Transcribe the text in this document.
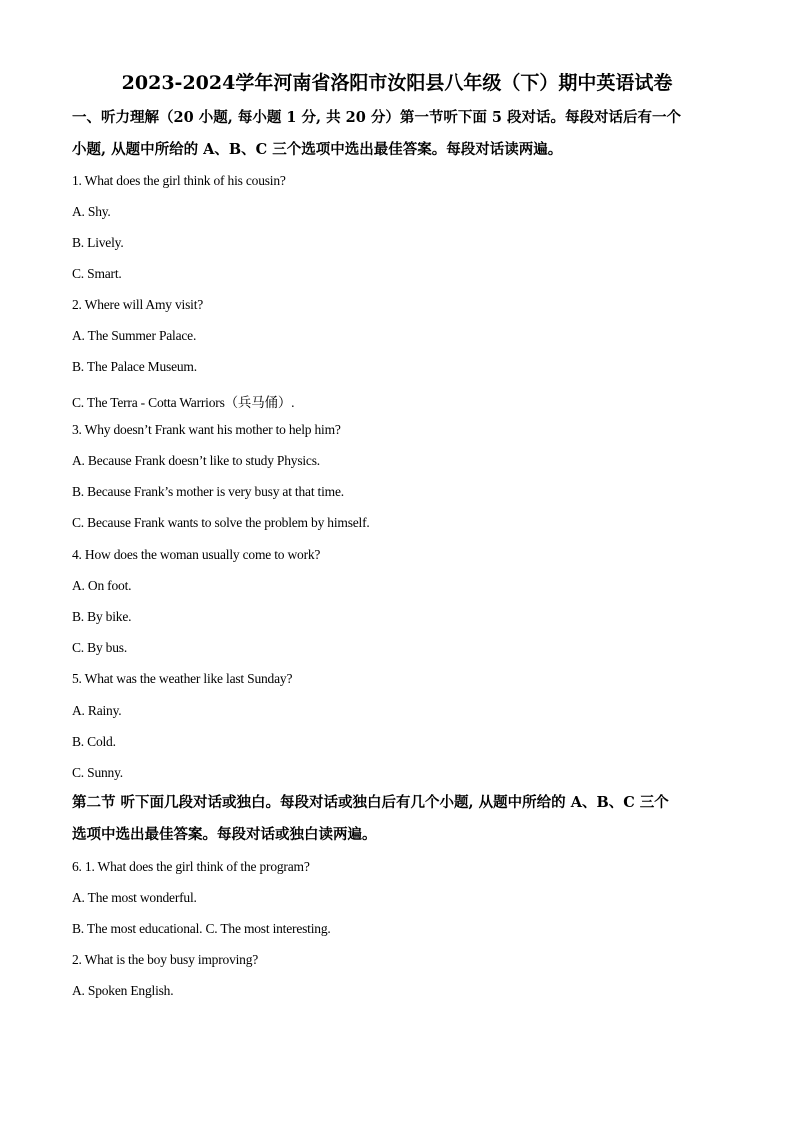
2023-2024学年河南省洛阳市汝阳县八年级（下）期中英语试卷
一、听力理解（20 小题, 每小题 1 分, 共 20 分）第一节听下面 5 段对话。每段对话后有一个
小题, 从题中所给的 A、B、C 三个选项中选出最佳答案。每段对话读两遍。
1. What does the girl think of his cousin?
A. Shy.
B. Lively.
C. Smart.
2. Where will Amy visit?
A. The Summer Palace.
B. The Palace Museum.
C. The Terra - Cotta Warriors（兵马俑）.
3. Why doesn’t Frank want his mother to help him?
A. Because Frank doesn’t like to study Physics.
B. Because Frank’s mother is very busy at that time.
C. Because Frank wants to solve the problem by himself.
4. How does the woman usually come to work?
A. On foot.
B. By bike.
C. By bus.
5. What was the weather like last Sunday?
A. Rainy.
B. Cold.
C. Sunny.
第二节 听下面几段对话或独白。每段对话或独白后有几个小题, 从题中所给的 A、B、C 三个
选项中选出最佳答案。每段对话或独白读两遍。
6. 1. What does the girl think of the program?
A. The most wonderful.
B. The most educational. C. The most interesting.
2. What is the boy busy improving?
A. Spoken English.
